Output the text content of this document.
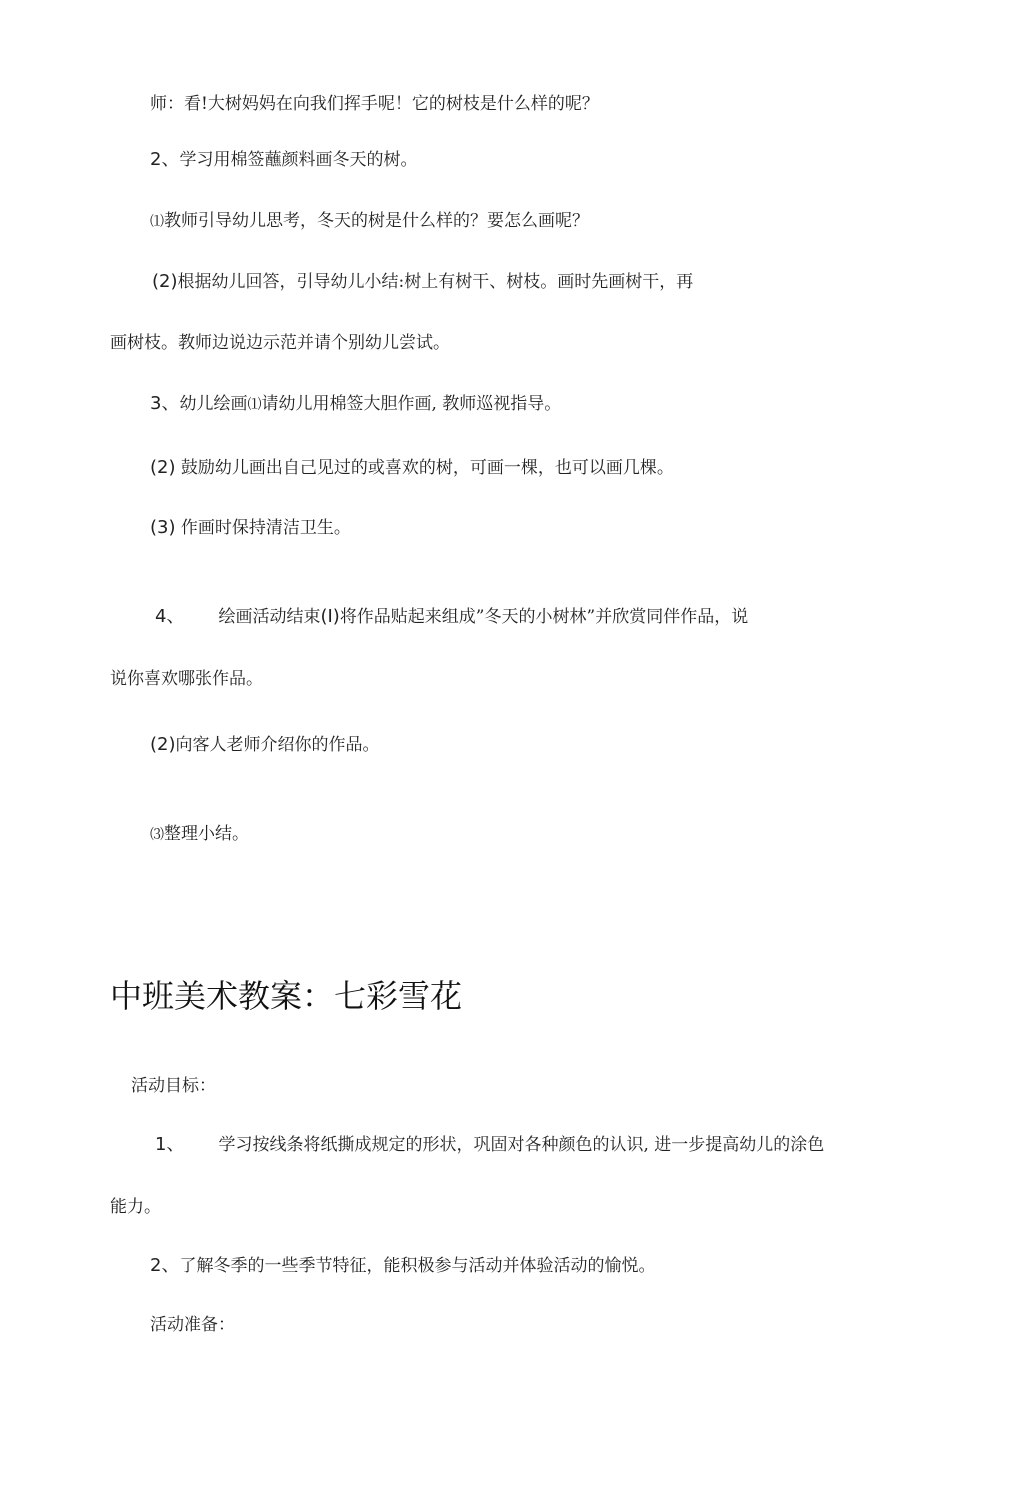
师：看!大树妈妈在向我们挥手呢！它的树枝是什么样的呢？
2、学习用棉签蘸颜料画冬天的树。
⑴教师引导幼儿思考，冬天的树是什么样的？要怎么画呢？
(2)根据幼儿回答，引导幼儿小结:树上有树干、树枝。画时先画树干，再
画树枝。教师边说边示范并请个别幼儿尝试。
3、幼儿绘画⑴请幼儿用棉签大胆作画, 教师巡视指导。
(2) 鼓励幼儿画出自己见过的或喜欢的树，可画一棵，也可以画几棵。
(3) 作画时保持清洁卫生。
4、 绘画活动结束(I)将作品贴起来组成”冬天的小树林”并欣赏同伴作品，说
说你喜欢哪张作品。
(2)向客人老师介绍你的作品。
⑶整理小结。
中班美术教案：七彩雪花
活动目标：
1、 学习按线条将纸撕成规定的形状，巩固对各种颜色的认识, 进一步提高幼儿的涂色
能力。
2、了解冬季的一些季节特征，能积极参与活动并体验活动的愉悦。
活动准备：
